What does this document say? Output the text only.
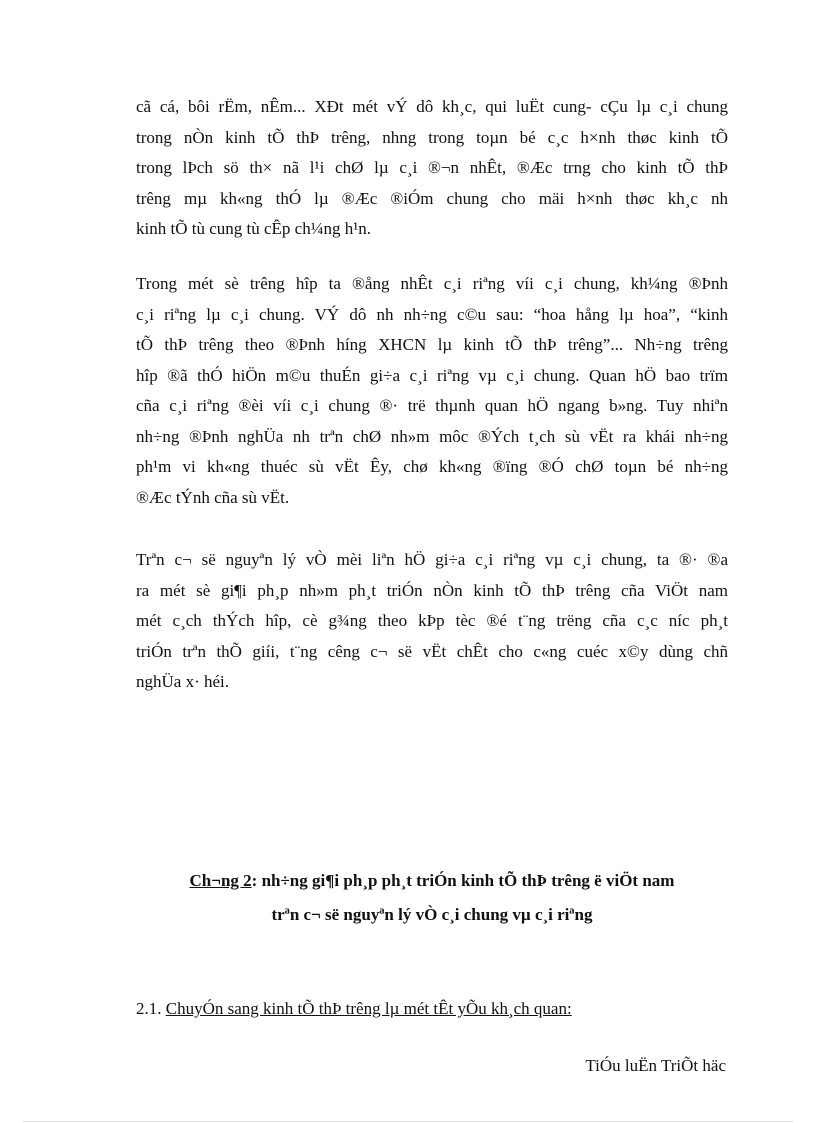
cã cá, bôi rËm, nÊm... XÐt mét vÝ dô kh¸c, qui luËt cung- cÇu lµ c¸i chung
trong nÒn kinh tÕ thÞ trêng, nhng trong toµn bé c¸c h×nh thøc kinh tÕ
trong lÞch sö th× nã l¹i chØ lµ c¸i ®¬n nhÊt, ®Æc trng cho kinh tÕ thÞ
trêng mµ kh«ng thÓ lµ ®Æc ®iÓm chung cho mäi h×nh thøc kh¸c nh
kinh tÕ tù cung tù cÊp ch¼ng h¹n.
Trong mét sè trêng hîp ta ®ång nhÊt c¸i riªng víi c¸i chung, kh¼ng ®Þnh
c¸i riªng lµ c¸i chung. VÝ dô nh nh÷ng c©u sau: “hoa hång lµ hoa”, “kinh
tÕ thÞ trêng theo ®Þnh híng XHCN lµ kinh tÕ thÞ trêng”... Nh÷ng trêng
hîp ®ã thÓ hiÖn m©u thuÉn gi÷a c¸i riªng vµ c¸i chung. Quan hÖ bao trïm
cña c¸i riªng ®èi víi c¸i chung ®· trë thµnh quan hÖ ngang b»ng. Tuy nhiªn
nh÷ng ®Þnh nghÜa nh trªn chØ nh»m môc ®Ých t¸ch sù vËt ra khái nh÷ng
ph¹m vi kh«ng thuéc sù vËt Êy, chø kh«ng ®ïng ®Ó chØ toµn bé nh÷ng
®Æc tÝnh cña sù vËt.
Trªn c¬ së nguyªn lý vÒ mèi liªn hÖ gi÷a c¸i riªng vµ c¸i chung, ta ®· ®a
ra mét sè gi¶i ph¸p nh»m ph¸t triÓn nÒn kinh tÕ thÞ trêng cña ViÖt nam
mét c¸ch thÝch hîp, cè g¾ng theo kÞp tèc ®é t¨ng trëng cña c¸c níc ph¸t
triÓn trªn thÕ giíi, t¨ng cêng c¬ së vËt chÊt cho c«ng cuéc x©y dùng chñ
nghÜa x· héi.
Ch¬ng 2: nh÷ng gi¶i ph¸p ph¸t triÓn kinh tÕ thÞ trêng ë viÖt nam
trªn c¬ së nguyªn lý vÒ c¸i chung vµ c¸i riªng
2.1. ChuyÓn sang kinh tÕ thÞ trêng lµ mét tÊt yÕu kh¸ch quan:
TiÓu luËn TriÕt häc
